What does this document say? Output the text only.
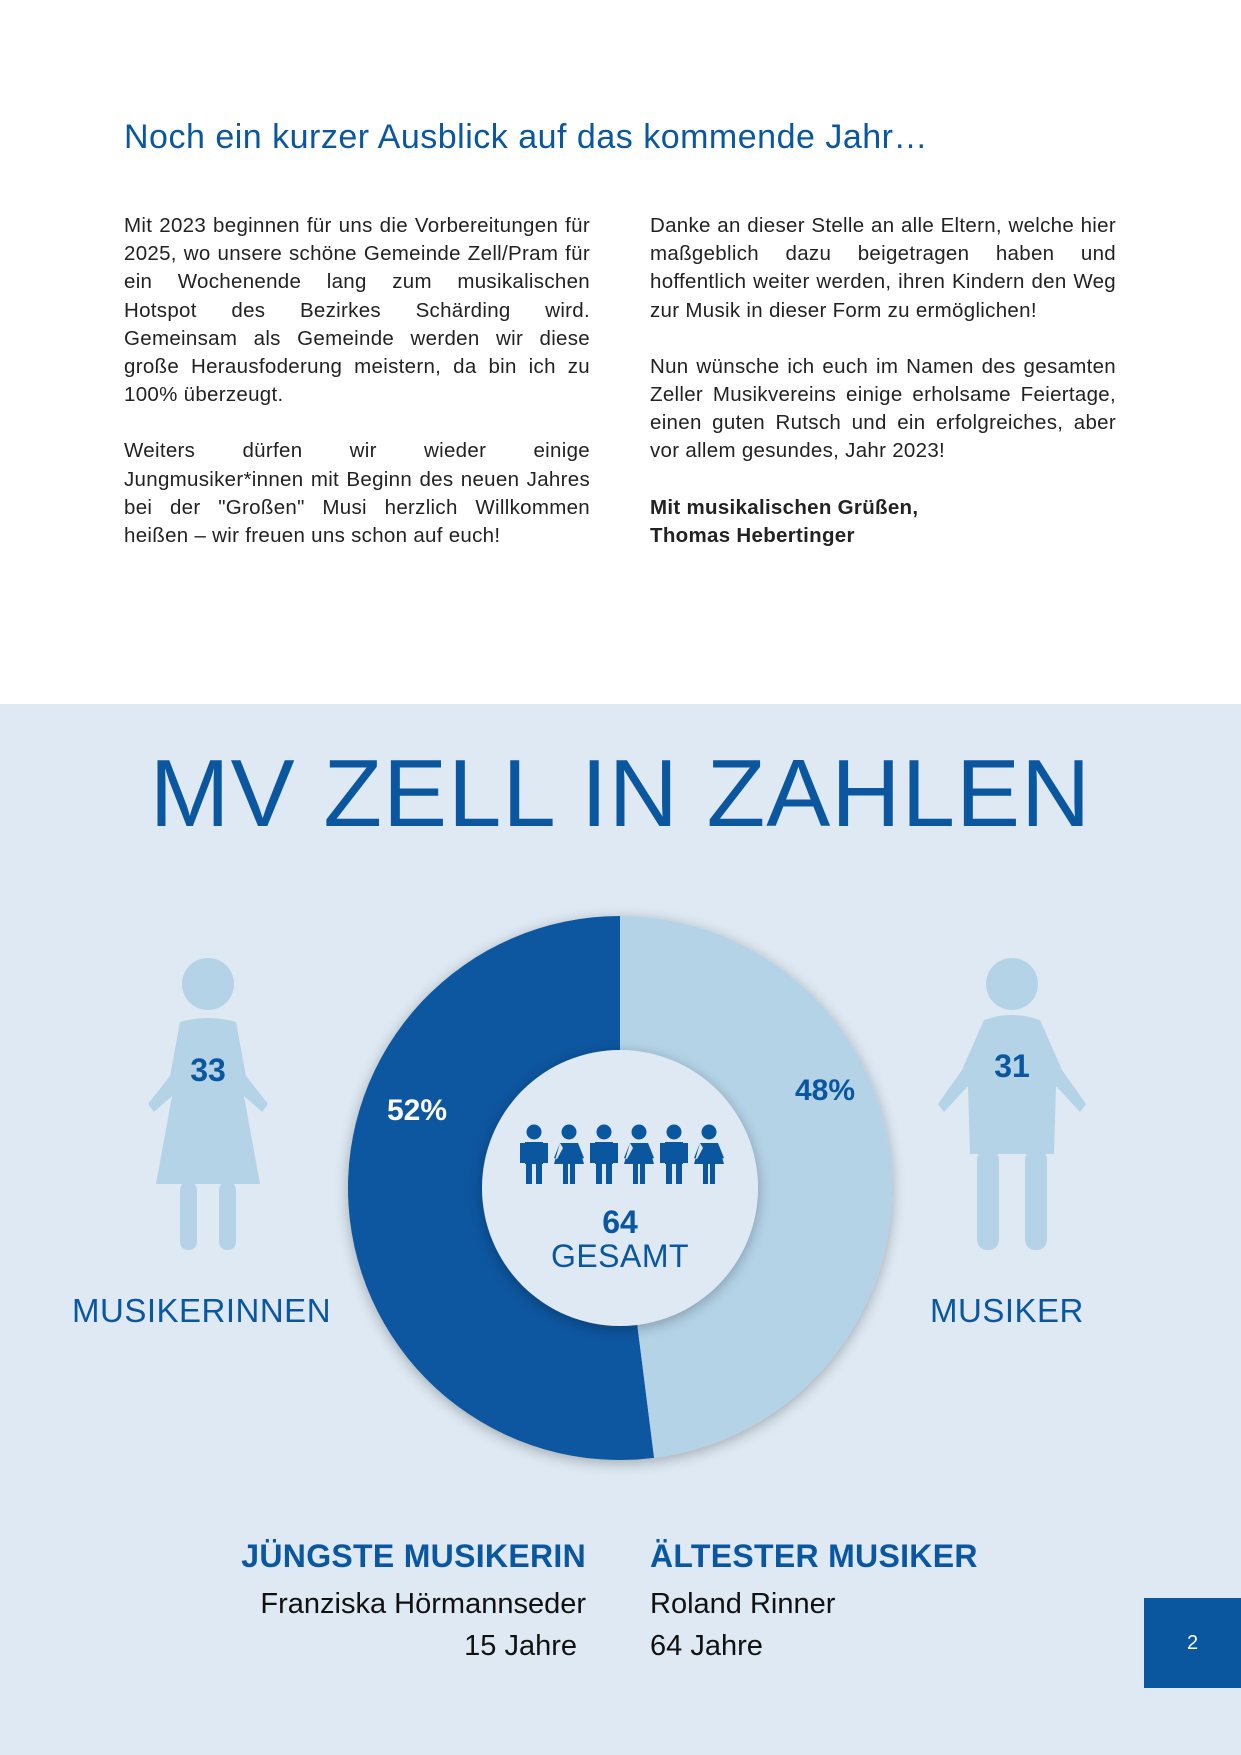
Noch ein kurzer Ausblick auf das kommende Jahr…

Mit 2023 beginnen für uns die Vorbereitungen für 2025, wo unsere schöne Gemeinde Zell/Pram für ein Wochenende lang zum musikalischen Hotspot des Bezirkes Schärding wird. Gemeinsam als Gemeinde werden wir diese große Herausfoderung meistern, da bin ich zu 100% überzeugt.

Weiters dürfen wir wieder einige Jungmusiker*innen mit Beginn des neuen Jahres bei der "Großen" Musi herzlich Willkommen heißen – wir freuen uns schon auf euch!

Danke an dieser Stelle an alle Eltern, welche hier maßgeblich dazu beigetragen haben und hoffentlich weiter werden, ihren Kindern den Weg zur Musik in dieser Form zu ermöglichen!

Nun wünsche ich euch im Namen des gesamten Zeller Musikvereins einige erholsame Feiertage, einen guten Rutsch und ein erfolgreiches, aber vor allem gesundes, Jahr 2023!

Mit musikalischen Grüßen,
Thomas Hebertinger

MV ZELL IN ZAHLEN
33	31
MUSIKERINNEN	MUSIKER
52%
48%
64
GESAMT
JÜNGSTE MUSIKERIN
Franziska Hörmannseder
15 Jahre
ÄLTESTER MUSIKER
Roland Rinner
64 Jahre	2
